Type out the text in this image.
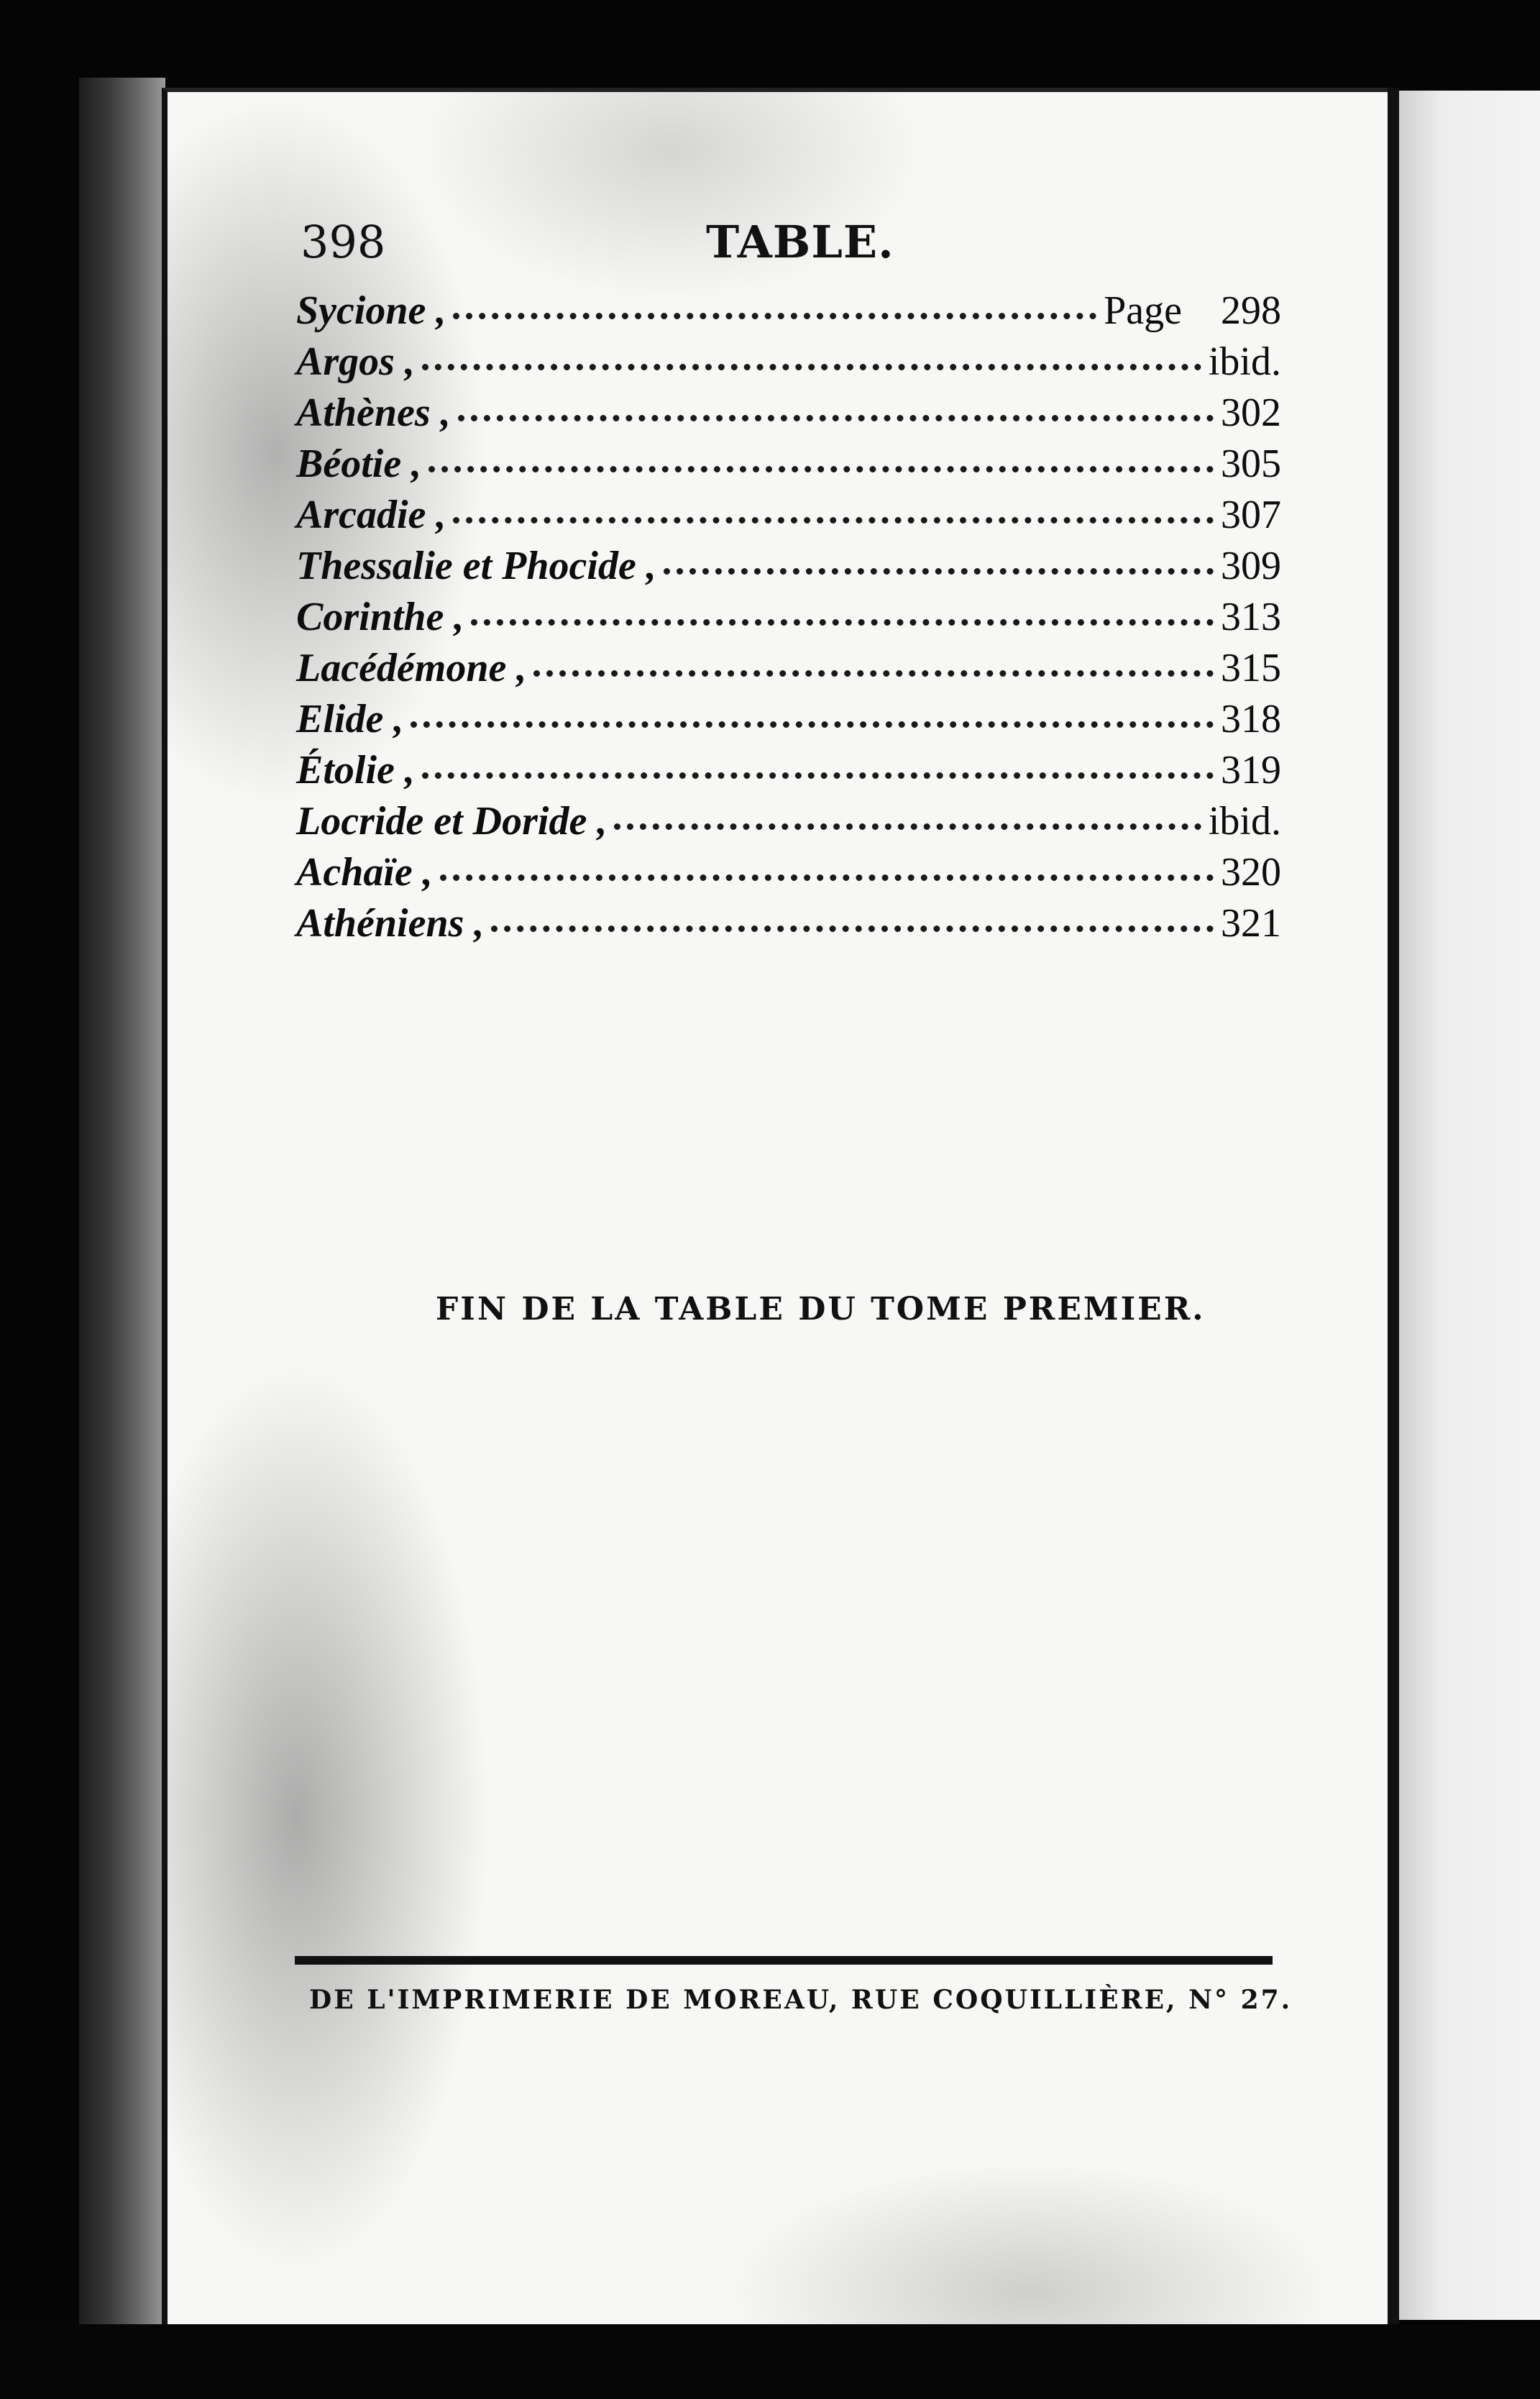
398	TABLE.
Sycione ,	Page 298
Argos ,	ibid.
Athènes ,	302
Béotie ,	305
Arcadie ,	307
Thessalie et Phocide ,	309
Corinthe ,	313
Lacédémone ,	315
Elide ,	318
Étolie ,	319
Locride et Doride ,	ibid.
Achaïe ,	320
Athéniens ,	321
FIN DE LA TABLE DU TOME PREMIER.
DE L'IMPRIMERIE DE MOREAU, RUE COQUILLIÈRE, N° 27.
